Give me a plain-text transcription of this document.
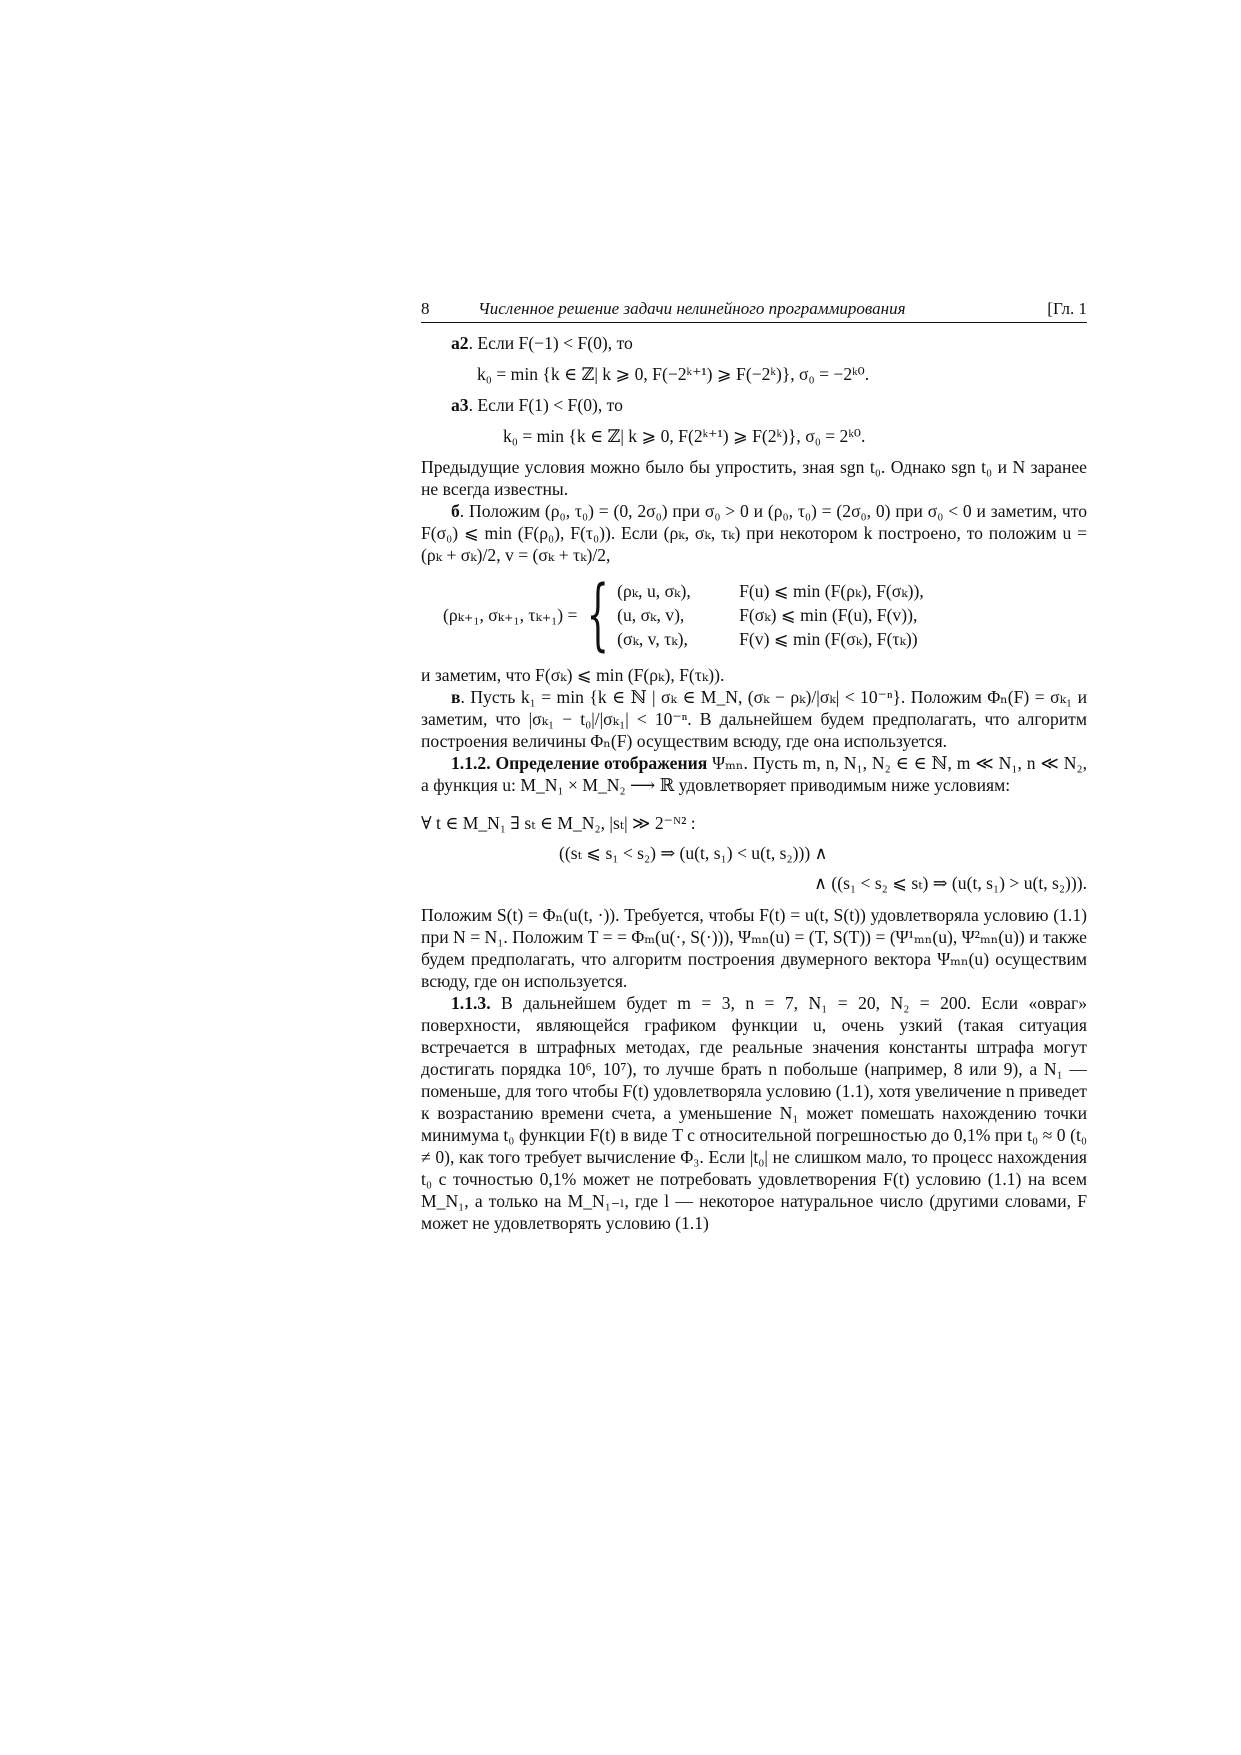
8	Численное решение задачи нелинейного программирования	[Гл. 1

а2. Если F(−1) < F(0), то

k₀ = min {k ∈ ℤ| k ⩾ 0, F(−2ᵏ⁺¹) ⩾ F(−2ᵏ)}, σ₀ = −2ᵏ⁰.

а3. Если F(1) < F(0), то

k₀ = min {k ∈ ℤ| k ⩾ 0, F(2ᵏ⁺¹) ⩾ F(2ᵏ)}, σ₀ = 2ᵏ⁰.

Предыдущие условия можно было бы упростить, зная sgn t₀. Однако sgn t₀ и N заранее не всегда известны.

б. Положим (ρ₀, τ₀) = (0, 2σ₀) при σ₀ > 0 и (ρ₀, τ₀) = (2σ₀, 0) при σ₀ < 0 и заметим, что F(σ₀) ⩽ min (F(ρ₀), F(τ₀)). Если (ρₖ, σₖ, τₖ) при некотором k построено, то положим u = (ρₖ + σₖ)/2, v = (σₖ + τₖ)/2,

(ρₖ₊₁, σₖ₊₁, τₖ₊₁) = { (ρₖ, u, σₖ),	F(u) ⩽ min (F(ρₖ), F(σₖ)),
(u, σₖ, v),	F(σₖ) ⩽ min (F(u), F(v)),
(σₖ, v, τₖ),	F(v) ⩽ min (F(σₖ), F(τₖ))

и заметим, что F(σₖ) ⩽ min (F(ρₖ), F(τₖ)).

в. Пусть k₁ = min {k ∈ ℕ | σₖ ∈ M_N, (σₖ − ρₖ)/|σₖ| < 10⁻ⁿ}. Положим Φₙ(F) = σₖ₁ и заметим, что |σₖ₁ − t₀|/|σₖ₁| < 10⁻ⁿ. В дальнейшем будем предполагать, что алгоритм построения величины Φₙ(F) осуществим всюду, где она используется.

1.1.2. Определение отображения Ψₘₙ. Пусть m, n, N₁, N₂ ∈ ∈ ℕ, m ≪ N₁, n ≪ N₂, а функция u: M_N₁ × M_N₂ ⟶ ℝ удовлетворяет приводимым ниже условиям:

∀ t ∈ M_N₁ ∃ sₜ ∈ M_N₂, |sₜ| ≫ 2⁻ᴺ² :
((sₜ ⩽ s₁ < s₂) ⇒ (u(t, s₁) < u(t, s₂))) ∧
∧ ((s₁ < s₂ ⩽ sₜ) ⇒ (u(t, s₁) > u(t, s₂))).

Положим S(t) = Φₙ(u(t, ·)). Требуется, чтобы F(t) = u(t, S(t)) удовлетворяла условию (1.1) при N = N₁. Положим T = = Φₘ(u(·, S(·))), Ψₘₙ(u) = (T, S(T)) = (Ψ¹ₘₙ(u), Ψ²ₘₙ(u)) и также будем предполагать, что алгоритм построения двумерного вектора Ψₘₙ(u) осуществим всюду, где он используется.

1.1.3. В дальнейшем будет m = 3, n = 7, N₁ = 20, N₂ = 200. Если «овраг» поверхности, являющейся графиком функции u, очень узкий (такая ситуация встречается в штрафных методах, где реальные значения константы штрафа могут достигать порядка 10⁶, 10⁷), то лучше брать n побольше (например, 8 или 9), а N₁ — поменьше, для того чтобы F(t) удовлетворяла условию (1.1), хотя увеличение n приведет к возрастанию времени счета, а уменьшение N₁ может помешать нахождению точки минимума t₀ функции F(t) в виде T с относительной погрешностью до 0,1% при t₀ ≈ 0 (t₀ ≠ 0), как того требует вычисление Φ₃. Если |t₀| не слишком мало, то процесс нахождения t₀ с точностью 0,1% может не потребовать удовлетворения F(t) условию (1.1) на всем M_N₁, а только на M_N₁₋ₗ, где l — некоторое натуральное число (другими словами, F может не удовлетворять условию (1.1)
